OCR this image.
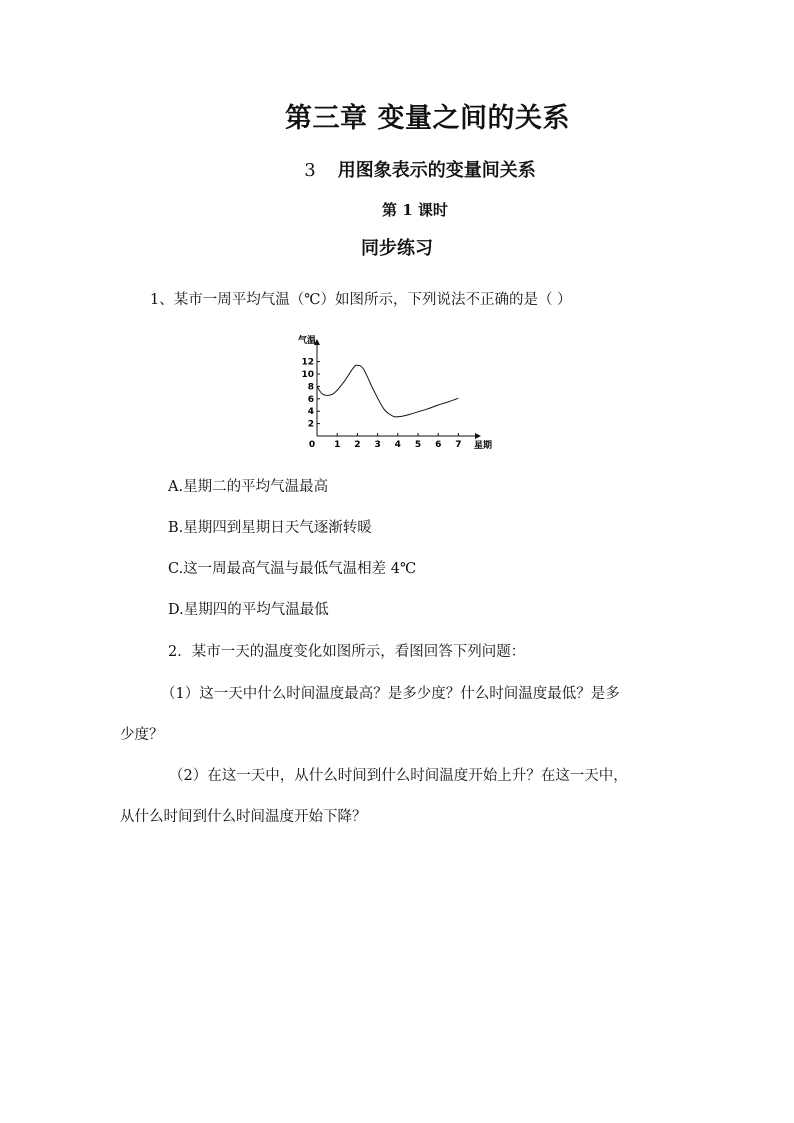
第三章 变量之间的关系
3 用图象表示的变量间关系
第 1 课时
同步练习
1、某市一周平均气温（℃）如图所示，下列说法不正确的是（ ）
1 2 3 4 5 6 7
2
4
6
8
10
12
气温
星期
0
A.星期二的平均气温最高
B.星期四到星期日天气逐渐转暖
C.这一周最高气温与最低气温相差 4℃
D.星期四的平均气温最低
2．某市一天的温度变化如图所示，看图回答下列问题：
（1）这一天中什么时间温度最高？是多少度？什么时间温度最低？是多
少度？
（2）在这一天中，从什么时间到什么时间温度开始上升？在这一天中，
从什么时间到什么时间温度开始下降？
